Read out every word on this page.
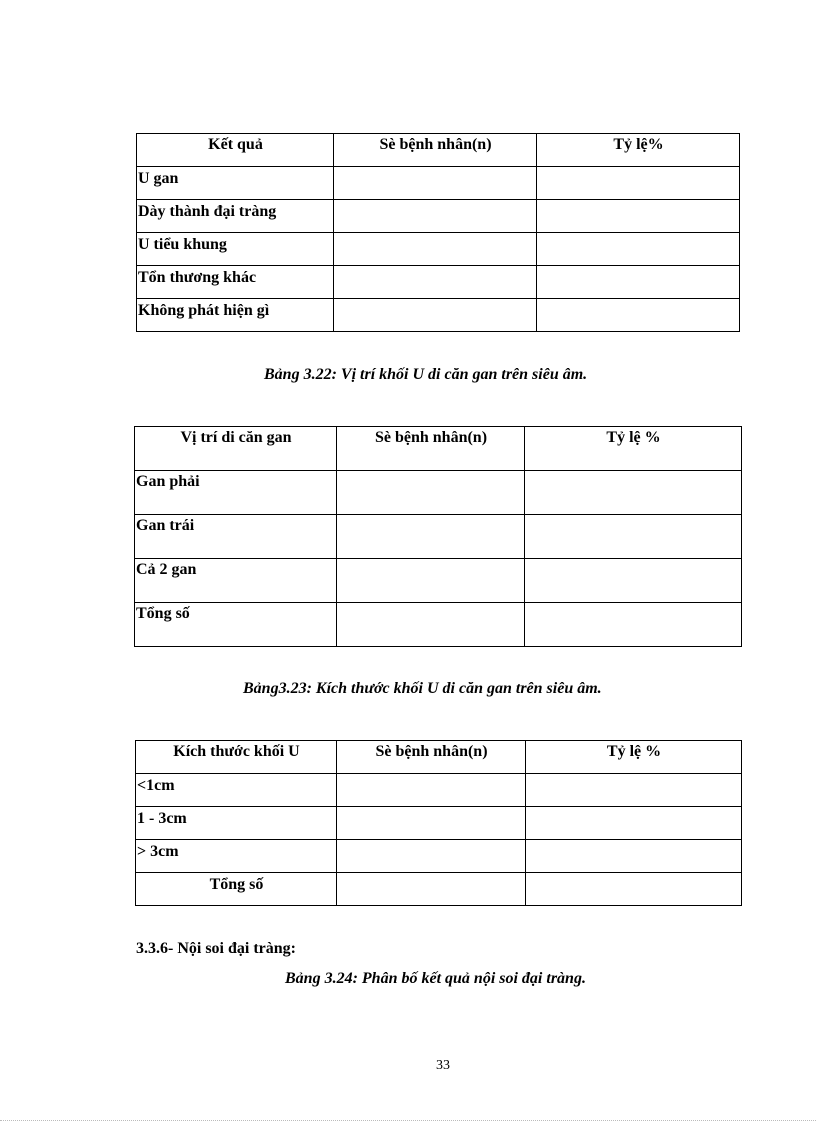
Kết quả	Sè bệnh nhân(n)	Tỷ lệ%
U gan		
Dày thành đại tràng		
U tiểu khung		
Tổn thương khác		
Không phát hiện gì		
Bảng 3.22: Vị trí khối U di căn gan trên siêu âm.
Vị trí di căn gan	Sè bệnh nhân(n)	Tỷ lệ %
Gan phải		
Gan trái		
Cả 2 gan		
Tổng số		
Bảng3.23: Kích thước khối U di căn gan trên siêu âm.
Kích thước khối U	Sè bệnh nhân(n)	Tỷ lệ %
<1cm		
1 - 3cm		
> 3cm		
Tổng số		
3.3.6- Nội soi đại tràng:
Bảng 3.24: Phân bố kết quả nội soi đại tràng.
33
